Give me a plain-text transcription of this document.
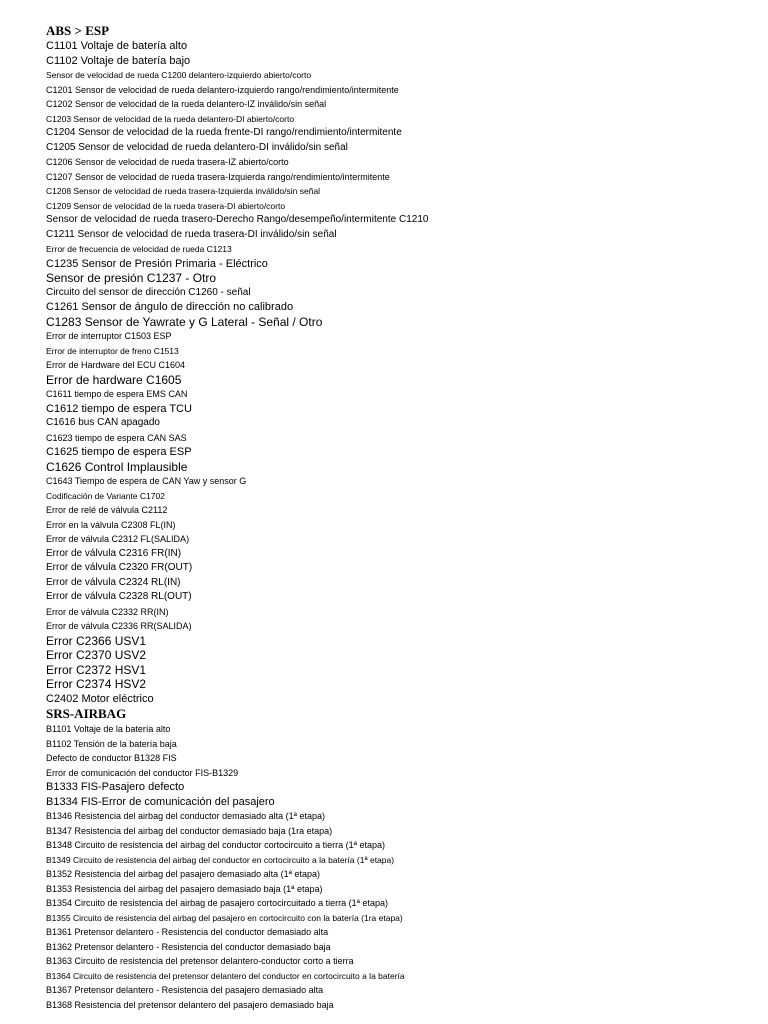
ABS > ESP
C1101 Voltaje de batería alto
C1102 Voltaje de batería bajo
Sensor de velocidad de rueda C1200 delantero-izquierdo abierto/corto
C1201 Sensor de velocidad de rueda delantero-izquierdo rango/rendimiento/intermitente
C1202 Sensor de velocidad de la rueda delantero-IZ inválido/sin señal
C1203 Sensor de velocidad de la rueda delantero-DI abierto/corto
C1204 Sensor de velocidad de la rueda frente-DI rango/rendimiento/intermitente
C1205 Sensor de velocidad de rueda delantero-DI inválido/sin señal
C1206 Sensor de velocidad de rueda trasera-IZ abierto/corto
C1207 Sensor de velocidad de rueda trasera-Izquierda rango/rendimiento/intermitente
C1208 Sensor de velocidad de rueda trasera-Izquierda inválido/sin señal
C1209 Sensor de velocidad de la rueda trasera-DI abierto/corto
Sensor de velocidad de rueda trasero-Derecho Rango/desempeño/intermitente C1210
C1211 Sensor de velocidad de rueda trasera-DI inválido/sin señal
Error de frecuencia de velocidad de rueda C1213
C1235 Sensor de Presión Primaria - Eléctrico
Sensor de presión C1237 - Otro
Circuito del sensor de dirección C1260 - señal
C1261 Sensor de ángulo de dirección no calibrado
C1283 Sensor de Yawrate y G Lateral - Señal / Otro
Error de interruptor C1503 ESP
Error de interruptor de freno C1513
Error de Hardware del ECU C1604
Error de hardware C1605
C1611 tiempo de espera EMS CAN
C1612 tiempo de espera TCU
C1616 bus CAN apagado
C1623 tiempo de espera CAN SAS
C1625 tiempo de espera ESP
C1626 Control Implausible
C1643 Tiempo de espera de CAN Yaw y sensor G
Codificación de Variante C1702
Error de relé de válvula C2112
Error en la válvula C2308 FL(IN)
Error de válvula C2312 FL(SALIDA)
Error de válvula C2316 FR(IN)
Error de válvula C2320 FR(OUT)
Error de válvula C2324 RL(IN)
Error de válvula C2328 RL(OUT)
Error de válvula C2332 RR(IN)
Error de válvula C2336 RR(SALIDA)
Error C2366 USV1
Error C2370 USV2
Error C2372 HSV1
Error C2374 HSV2
C2402 Motor eléctrico
SRS-AIRBAG
B1101 Voltaje de la batería alto
B1102 Tensión de la batería baja
Defecto de conductor B1328 FIS
Error de comunicación del conductor FIS-B1329
B1333 FIS-Pasajero defecto
B1334 FIS-Error de comunicación del pasajero
B1346 Resistencia del airbag del conductor demasiado alta (1ª etapa)
B1347 Resistencia del airbag del conductor demasiado baja (1ra etapa)
B1348 Circuito de resistencia del airbag del conductor cortocircuito a tierra (1ª etapa)
B1349 Circuito de resistencia del airbag del conductor en cortocircuito a la batería (1ª etapa)
B1352 Resistencia del airbag del pasajero demasiado alta (1ª etapa)
B1353 Resistencia del airbag del pasajero demasiado baja (1ª etapa)
B1354 Circuito de resistencia del airbag de pasajero cortocircuitado a tierra (1ª etapa)
B1355 Circuito de resistencia del airbag del pasajero en cortocircuito con la batería (1ra etapa)
B1361 Pretensor delantero - Resistencia del conductor demasiado alta
B1362 Pretensor delantero - Resistencia del conductor demasiado baja
B1363 Circuito de resistencia del pretensor delantero-conductor corto a tierra
B1364 Circuito de resistencia del pretensor delantero del conductor en cortocircuito a la batería
B1367 Pretensor delantero - Resistencia del pasajero demasiado alta
B1368 Resistencia del pretensor delantero del pasajero demasiado baja
